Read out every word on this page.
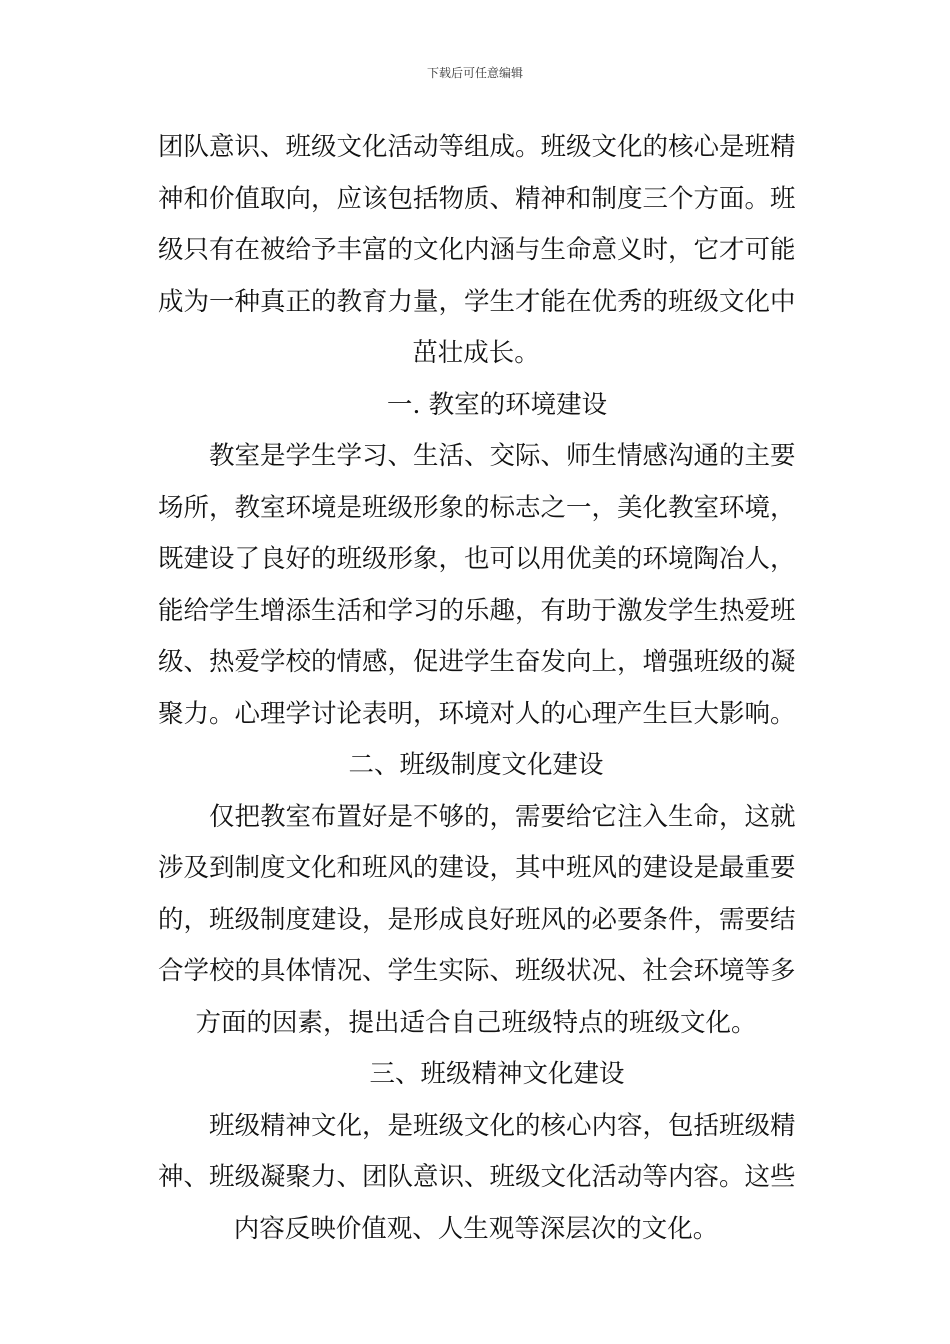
下载后可任意编辑
团队意识、班级文化活动等组成。班级文化的核心是班精
神和价值取向，应该包括物质、精神和制度三个方面。班
级只有在被给予丰富的文化内涵与生命意义时，它才可能
成为一种真正的教育力量，学生才能在优秀的班级文化中
茁壮成长。
一. 教室的环境建设
教室是学生学习、生活、交际、师生情感沟通的主要
场所，教室环境是班级形象的标志之一，美化教室环境，
既建设了良好的班级形象，也可以用优美的环境陶冶人，
能给学生增添生活和学习的乐趣，有助于激发学生热爱班
级、热爱学校的情感，促进学生奋发向上，增强班级的凝
聚力。心理学讨论表明，环境对人的心理产生巨大影响。
二、班级制度文化建设
仅把教室布置好是不够的，需要给它注入生命，这就
涉及到制度文化和班风的建设，其中班风的建设是最重要
的，班级制度建设，是形成良好班风的必要条件，需要结
合学校的具体情况、学生实际、班级状况、社会环境等多
方面的因素，提出适合自己班级特点的班级文化。
三、班级精神文化建设
班级精神文化，是班级文化的核心内容，包括班级精
神、班级凝聚力、团队意识、班级文化活动等内容。这些
内容反映价值观、人生观等深层次的文化。
